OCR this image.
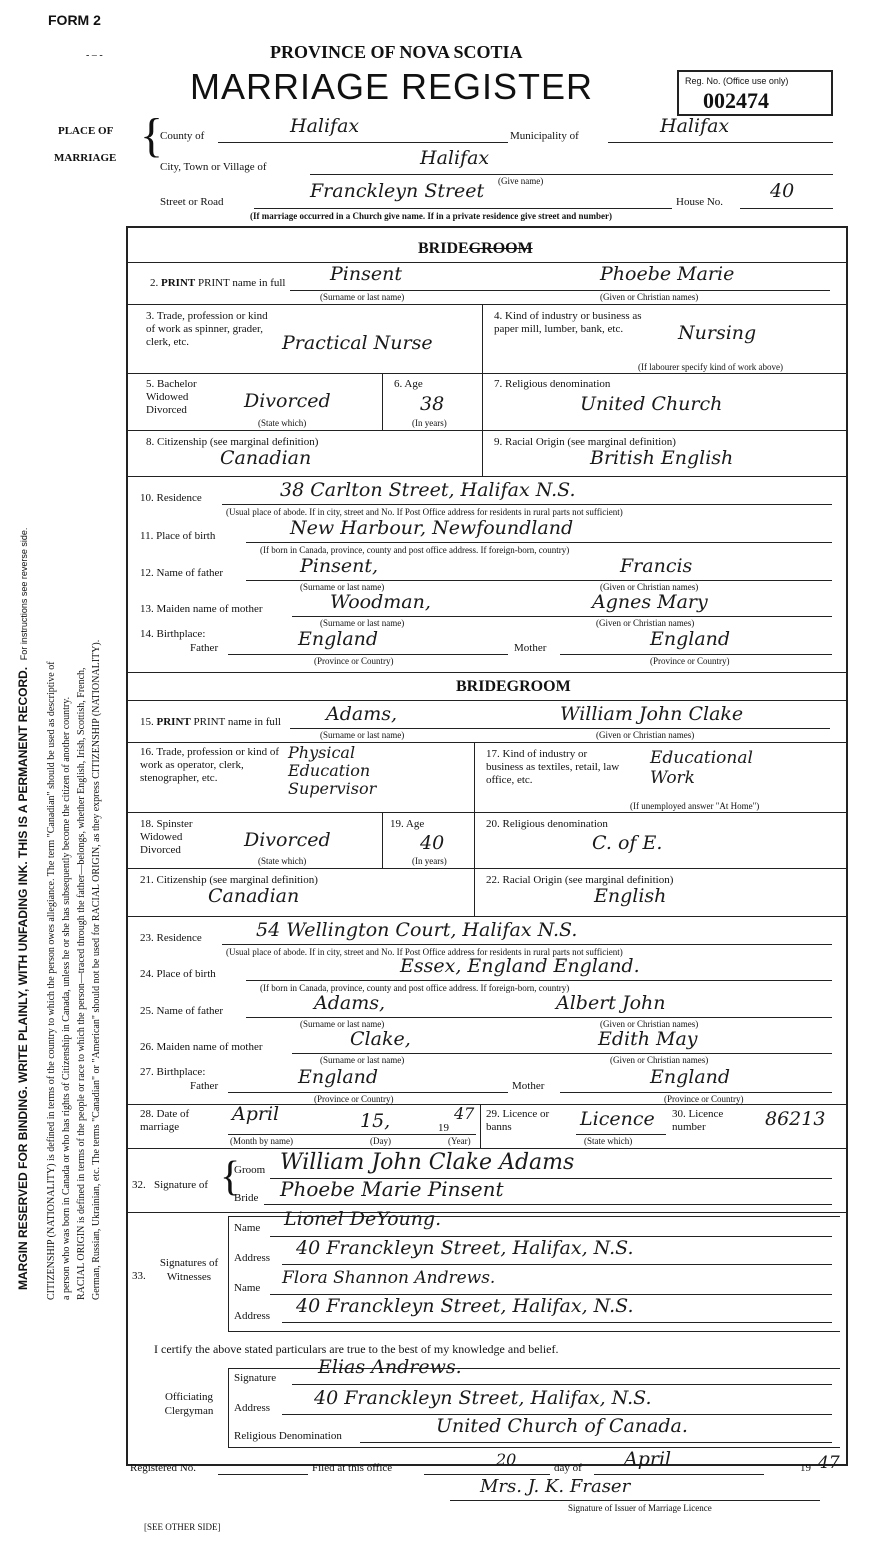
FORM 2
- ‒ -	PROVINCE OF NOVA SCOTIA
MARRIAGE REGISTER	Reg. No. (Office use only)
002474
MARGIN RESERVED FOR BINDING. WRITE PLAINLY, WITH UNFADING INK. THIS IS A PERMANENT RECORD.  For instructions see reverse side.
CITIZENSHIP (NATIONALITY) is defined in terms of the country to which the person owes allegiance. The term "Canadian" should be used as descriptive of a person who was born in Canada or who has rights of Citizenship in Canada, unless he or she has subsequently become the citizen of another country. RACIAL ORIGIN is defined in terms of the people or race to which the person—traced through the father—belongs, whether English, Irish, Scottish, French, German, Russian, Ukrainian, etc. The terms "Canadian" or "American" should not be used for RACIAL ORIGIN, as they express CITIZENSHIP (NATIONALITY).
PLACE OF
MARRIAGE {
County of	Halifax	Municipality of	Halifax
City, Town or Village of	Halifax
(Give name)
Street or Road	Franckleyn Street	House No. 40
(If marriage occurred in a Church give name. If in a private residence give street and number)
BRIDEGROOM
2. PRINT PRINT name in full Pinsent	Phoebe Marie
(Surname or last name)	(Given or Christian names)
3. Trade, profession or kind of work as spinner, grader, clerk, etc.	Practical Nurse
4. Kind of industry or business as paper mill, lumber, bank, etc.	Nursing
(If labourer specify kind of work above)
5. Bachelor Widowed Divorced	Divorced
(State which)
6. Age
38
(In years)
7. Religious denomination
United Church
8. Citizenship (see marginal definition)
Canadian
9. Racial Origin (see marginal definition)
British English
10. Residence	38 Carlton Street, Halifax N.S.
(Usual place of abode. If in city, street and No. If Post Office address for residents in rural parts not sufficient)
11. Place of birth	New Harbour, Newfoundland
(If born in Canada, province, county and post office address. If foreign-born, country)
12. Name of father	Pinsent,	Francis
(Surname or last name)	(Given or Christian names)
13. Maiden name of mother	Woodman,	Agnes Mary
(Surname or last name)	(Given or Christian names)
14. Birthplace:
Father	England	Mother	England
(Province or Country)	(Province or Country)
BRIDEGROOM
15. PRINT PRINT name in full Adams,	William John Clake
(Surname or last name)	(Given or Christian names)
16. Trade, profession or kind of work as operator, clerk, stenographer, etc.
Physical Education Supervisor
17. Kind of industry or business as textiles, retail, law office, etc.
Educational Work
(If unemployed answer "At Home")
18. Spinster Widowed Divorced	Divorced
(State which)
19. Age
40
(In years)
20. Religious denomination
C. of E.
21. Citizenship (see marginal definition)
Canadian
22. Racial Origin (see marginal definition)
English
23. Residence	54 Wellington Court, Halifax N.S.
(Usual place of abode. If in city, street and No. If Post Office address for residents in rural parts not sufficient)
24. Place of birth	Essex, England England.
(If born in Canada, province, county and post office address. If foreign-born, country)
25. Name of father	Adams,	Albert John
(Surname or last name)	(Given or Christian names)
26. Maiden name of mother	Clake,	Edith May
(Surname or last name)	(Given or Christian names)
27. Birthplace:
Father	England	Mother	England
(Province or Country)	(Province or Country)
28. Date of marriage
April	15,	19
47
(Month by name)	(Day)	(Year)
29. Licence or banns	Licence
(State which)
30. Licence number	86213
32.   Signature of {
Groom William John Clake Adams
Bride Phoebe Marie Pinsent
33.
Signatures of Witnesses
Name Lionel DeYoung.
Address 40 Franckleyn Street, Halifax, N.S.
Name Flora Shannon Andrews.
Address 40 Franckleyn Street, Halifax, N.S.
I certify the above stated particulars are true to the best of my knowledge and belief.
Officiating Clergyman
Signature Elias Andrews.
Address 40 Franckleyn Street, Halifax, N.S.
Religious Denomination	United Church of Canada.
Registered No.	Filed at this office	20	day of April	19 47
Mrs. J. K. Fraser
Signature of Issuer of Marriage Licence
[SEE OTHER SIDE]
